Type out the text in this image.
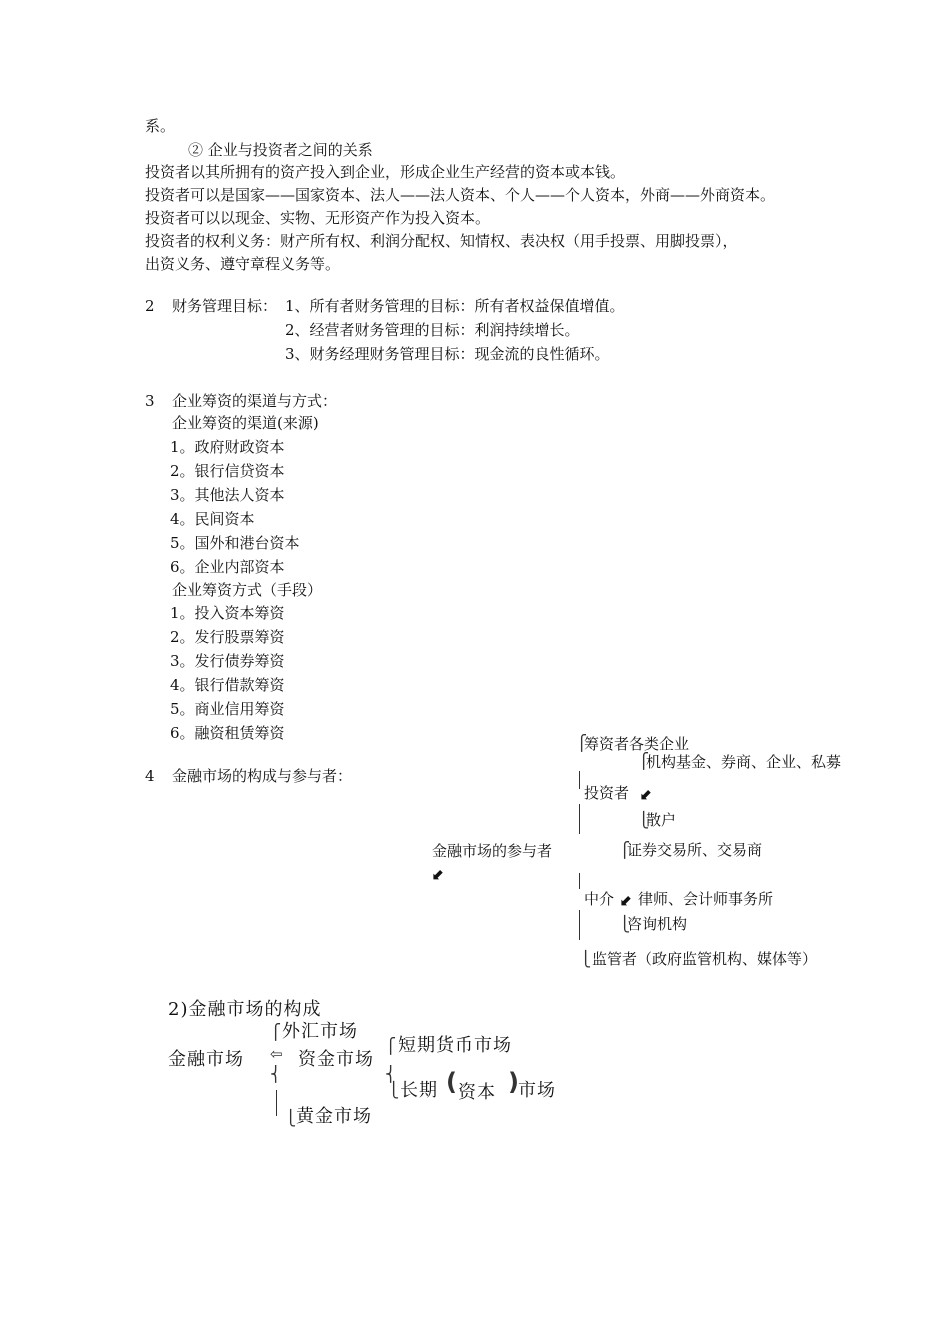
系。
② 企业与投资者之间的关系
投资者以其所拥有的资产投入到企业，形成企业生产经营的资本或本钱。
投资者可以是国家——国家资本、法人——法人资本、个人——个人资本，外商——外商资本。
投资者可以以现金、实物、无形资产作为投入资本。
投资者的权利义务：财产所有权、利润分配权、知情权、表决权（用手投票、用脚投票），
出资义务、遵守章程义务等。
2 财务管理目标： 1、所有者财务管理的目标：所有者权益保值增值。
2、经营者财务管理的目标：利润持续增长。
3、财务经理财务管理目标：现金流的良性循环。
3 企业筹资的渠道与方式：
企业筹资的渠道(来源)
1。政府财政资本
2。银行信贷资本
3。其他法人资本
4。民间资本
5。国外和港台资本
6。企业内部资本
企业筹资方式（手段）
1。投入资本筹资
2。发行股票筹资
3。发行债券筹资
4。银行借款筹资
5。商业信用筹资
6。融资租赁筹资
4 金融市场的构成与参与者：
金融市场的参与者
⬋
⎧
筹资者各类企业
⎧
机构基金、券商、企业、私募
投资者 ⬋
⎩
散户
⎧
证券交易所、交易商
中介 ⬋ 律师、会计师事务所
⎩
咨询机构
⎩ 监管者（政府监管机构、媒体等）
2)金融市场的构成
⎧ 外汇市场
金融市场 ⇦
⎨
资金市场
⎧ 短期货币市场
⎨
⎩ 长期 ( 资本 ) 市场
⎩ 黄金市场
